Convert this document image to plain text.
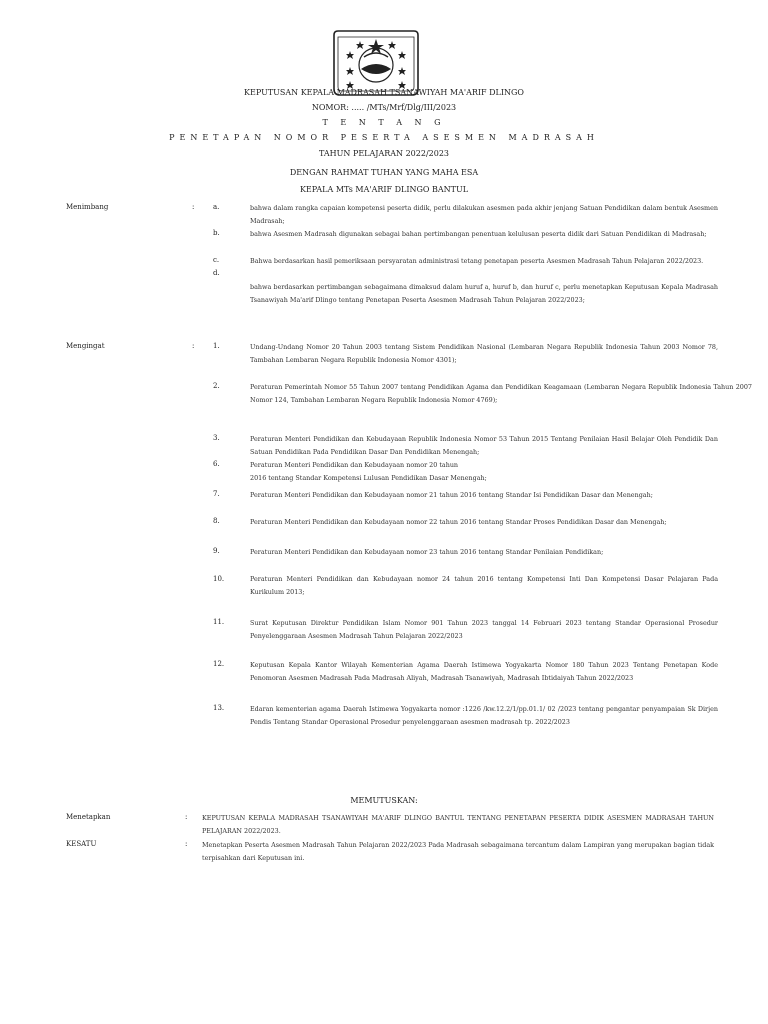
KEPUTUSAN KEPALA MADRASAH TSANAWIYAH MA'ARIF DLINGO
NOMOR: ..... /MTs/Mrf/Dlg/III/2023
T E N T A N G
PENETAPAN NOMOR PESERTA ASESMEN MADRASAH
TAHUN PELAJARAN 2022/2023
DENGAN RAHMAT TUHAN YANG MAHA ESA
KEPALA MTs MA'ARIF DLINGO BANTUL
Menimbang	:	a.	bahwa dalam rangka capaian kompetensi peserta didik, perlu dilakukan asesmen pada akhir jenjang Satuan Pendidikan dalam bentuk Asesmen Madrasah;
b.	bahwa Asesmen Madrasah digunakan sebagai bahan pertimbangan penentuan kelulusan peserta didik dari Satuan Pendidikan di Madrasah;
c.	Bahwa berdasarkan hasil pemeriksaan persyaratan administrasi tetang penetapan peserta Asesmen Madrasah Tahun Pelajaran 2022/2023.
d.
bahwa berdasarkan pertimbangan sebagaimana dimaksud dalam huruf a, huruf b, dan huruf c, perlu menetapkan Keputusan Kepala Madrasah Tsanawiyah Ma'arif Dlingo tentang Penetapan Peserta Asesmen Madrasah Tahun Pelajaran 2022/2023;
Mengingat	:	1.	Undang-Undang Nomor 20 Tahun 2003 tentang Sistem Pendidikan Nasional (Lembaran Negara Republik Indonesia Tahun 2003 Nomor 78, Tambahan Lembaran Negara Republik Indonesia Nomor 4301);
2.	Peraturan Pemerintah Nomor 55 Tahun 2007 tentang Pendidikan Agama dan Pendidikan Keagamaan (Lembaran Negara Republik Indonesia Tahun 2007 Nomor 124, Tambahan Lembaran Negara Republik Indonesia Nomor 4769);
3.	Peraturan Menteri Pendidikan dan Kebudayaan Republik Indonesia Nomor 53 Tahun 2015 Tentang Penilaian Hasil Belajar Oleh Pendidik Dan Satuan Pendidikan Pada Pendidikan Dasar Dan Pendidikan Menengah;
6.	Peraturan Menteri Pendidikan dan Kebudayaan nomor 20 tahun
2016 tentang Standar Kompetensi Lulusan Pendidikan Dasar Menengah;
7.	Peraturan Menteri Pendidikan dan Kebudayaan nomor 21 tahun 2016 tentang Standar Isi Pendidikan Dasar dan Menengah;
8.	Peraturan Menteri Pendidikan dan Kebudayaan nomor 22 tahun 2016 tentang Standar Proses Pendidikan Dasar dan Menengah;
9.	Peraturan Menteri Pendidikan dan Kebudayaan nomor 23 tahun 2016 tentang Standar Penilaian Pendidikan;
10.	Peraturan Menteri Pendidikan dan Kebudayaan nomor 24 tahun 2016 tentang Kompetensi Inti Dan Kompetensi Dasar Pelajaran Pada Kurikulum 2013;
11.	Surat Keputusan Direktur Pendidikan Islam Nomor 901 Tahun 2023 tanggal 14 Februari 2023 tentang Standar Operasional Prosedur Penyelenggaraan Asesmen Madrasah Tahun Pelajaran 2022/2023
12.	Keputusan Kepala Kantor Wilayah Kementerian Agama Daerah Istimewa Yogyakarta Nomor 180 Tahun 2023 Tentang Penetapan Kode Penomoran Asesmen Madrasah Pada Madrasah Aliyah, Madrasah Tsanawiyah, Madrasah Ibtidaiyah Tahun 2022/2023
13.	Edaran kementerian agama Daerah Istimewa Yogyakarta nomor :1226 /kw.12.2/1/pp.01.1/ 02 /2023 tentang pengantar penyampaian Sk Dirjen Pendis Tentang Standar Operasional Prosedur penyelenggaraan asesmen madrasah tp. 2022/2023
MEMUTUSKAN:
Menetapkan	: KEPUTUSAN KEPALA MADRASAH TSANAWIYAH MA'ARIF DLINGO BANTUL TENTANG PENETAPAN PESERTA DIDIK ASESMEN MADRASAH TAHUN PELAJARAN 2022/2023.
KESATU	: Menetapkan Peserta Asesmen Madrasah Tahun Pelajaran 2022/2023 Pada Madrasah sebagaimana tercantum dalam Lampiran yang merupakan bagian tidak terpisahkan dari Keputusan ini.
